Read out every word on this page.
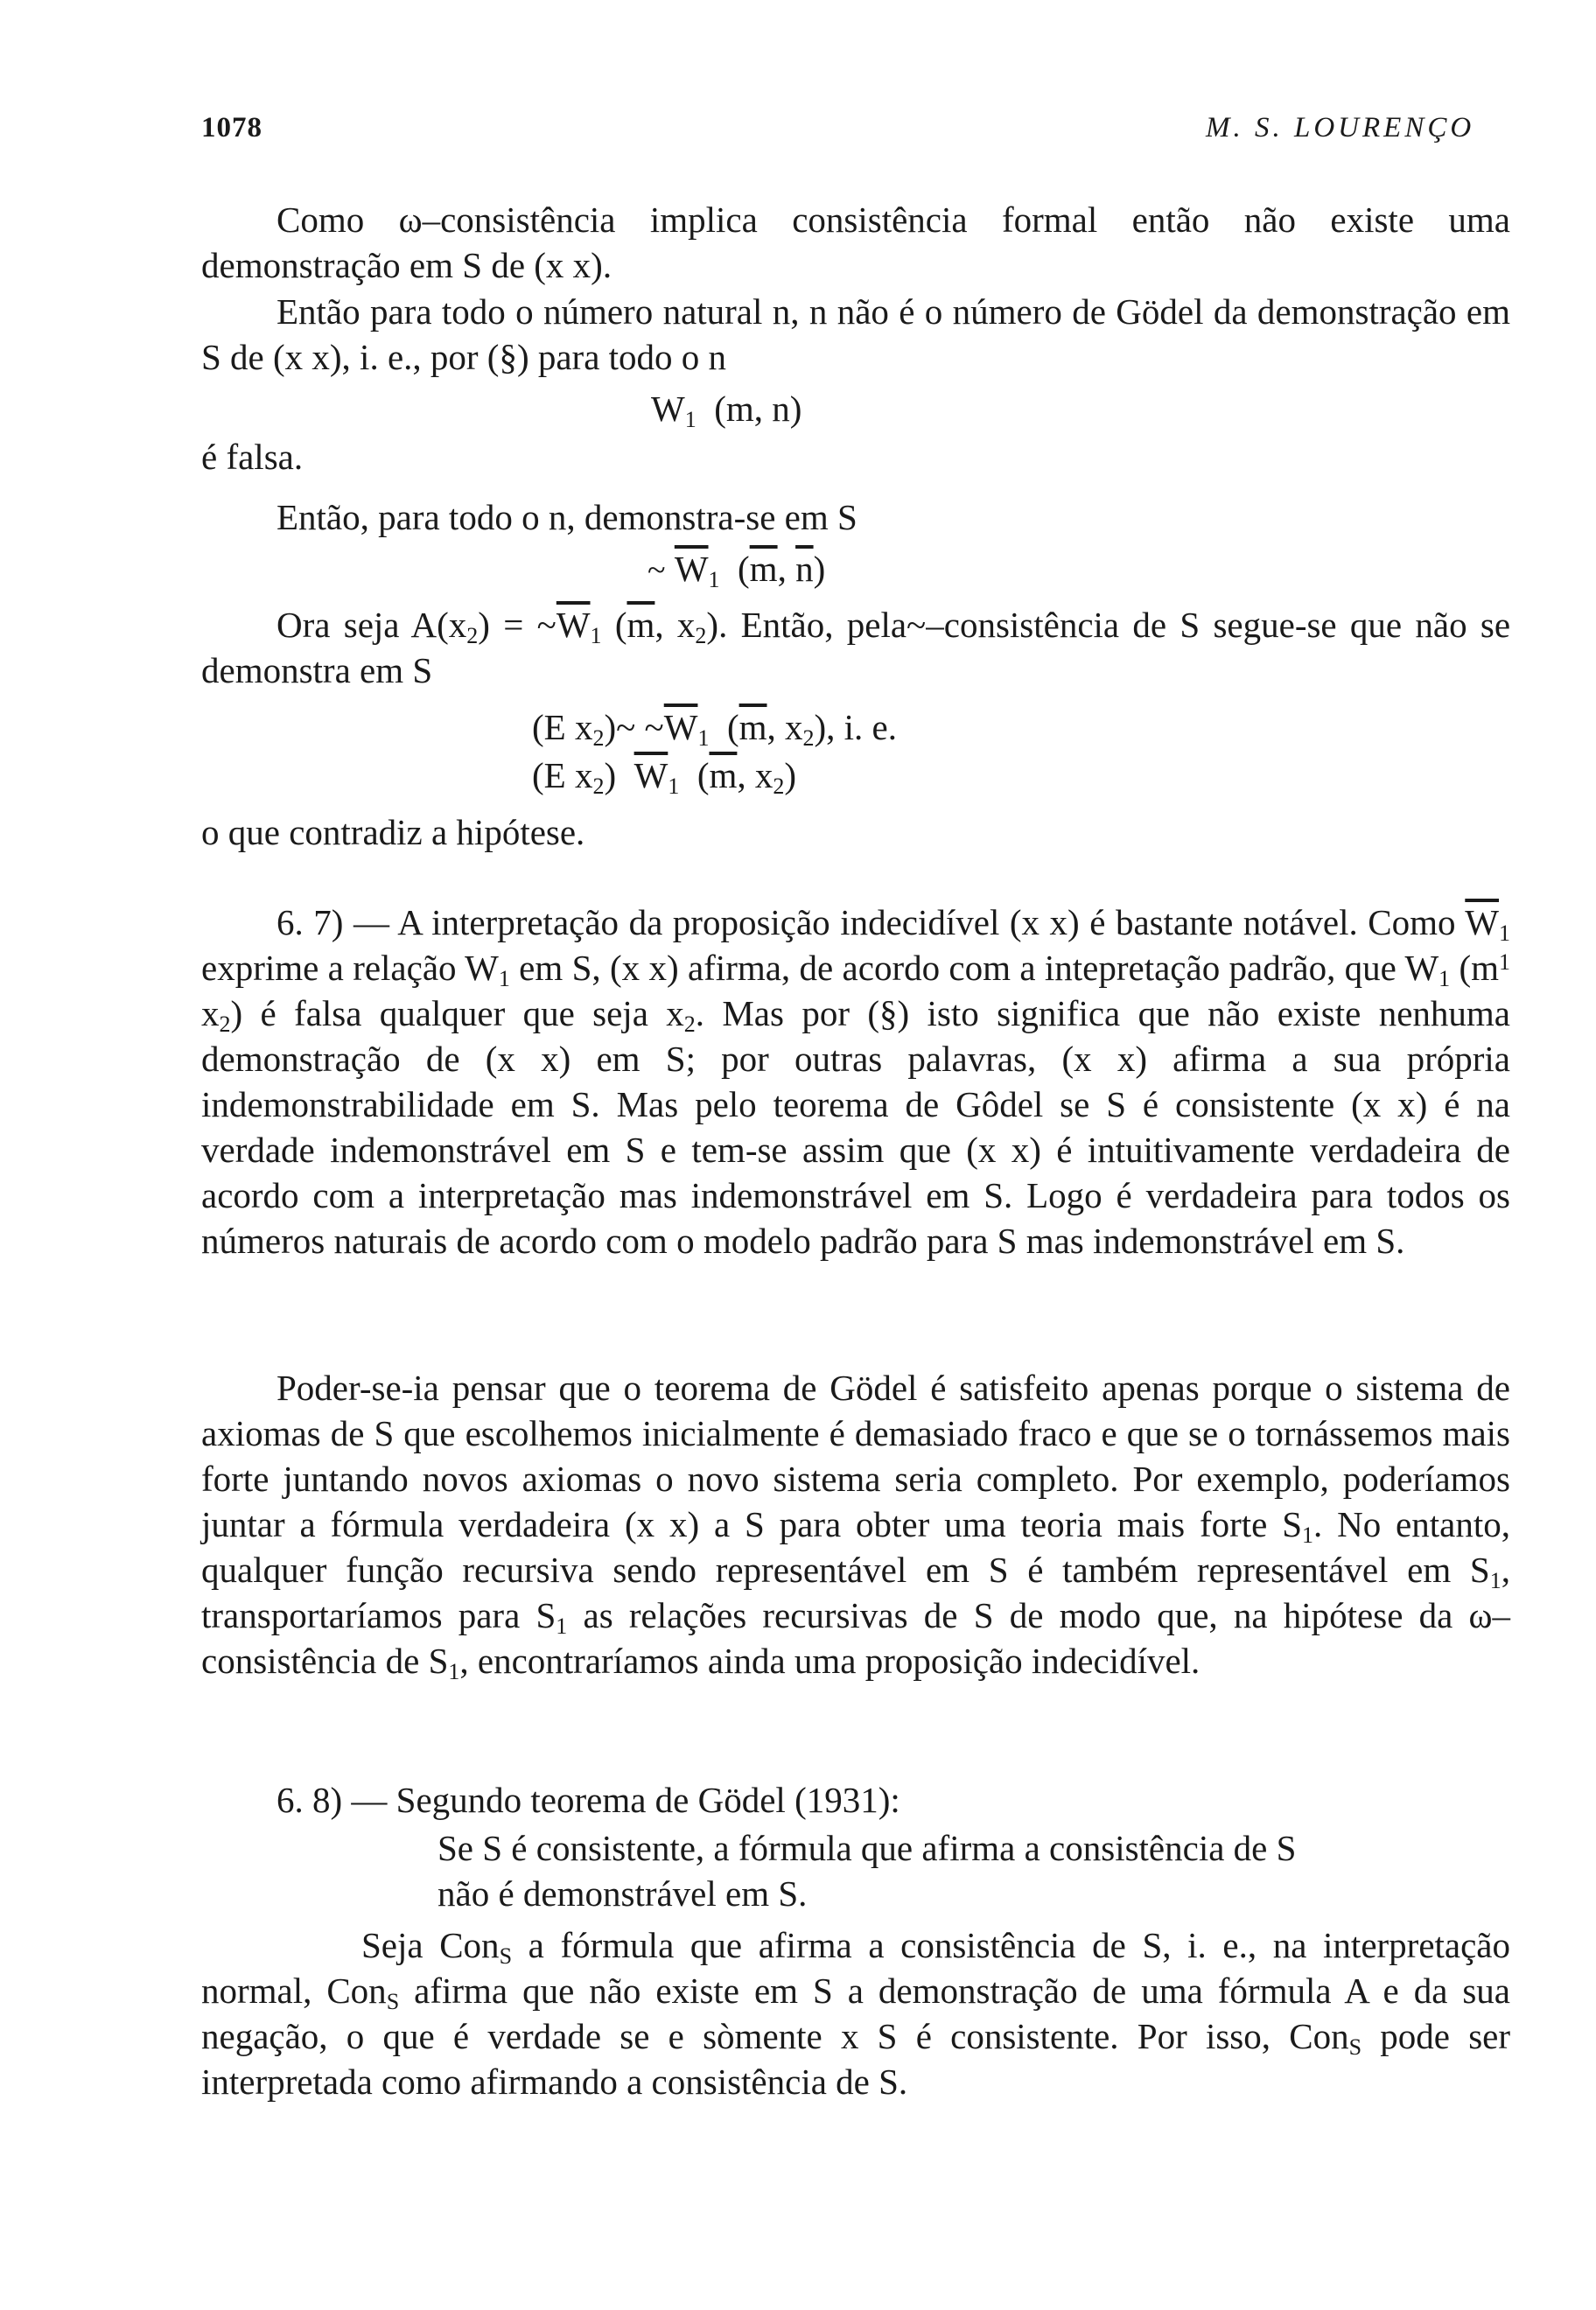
1078	M. S. LOURENÇO

Como ω–consistência implica consistência formal então não existe uma demonstração em S de (x x).

Então para todo o número natural n, n não é o número de Gödel da demonstração em S de (x x), i. e., por (§) para todo o n

$W_1$ (m, n)

é falsa.

Então, para todo o n, demonstra-se em S

~ $\overline{W}_1$ ($\overline{m}$, $\overline{n}$)

Ora seja $A(x_2)$ = $\sim\overline{W}_1$ ($\overline{m}$, $x_2$). Então, pela~–consistência de S segue-se que não se demonstra em S

(E $x_2)\sim$ $\sim\overline{W}_1$ ($\overline{m}$, $x_2$), i. e.

(E $x_2$) $\overline{W}_1$ ($\overline{m}$, $x_2$)

o que contradiz a hipótese.

6. 7) — A interpretação da proposição indecidível (x x) é bastante notável. Como $\overline{W}_1$ exprime a relação $W_1$ em S, (x x) afirma, de acordo com a intepretação padrão, que $W_1$ ($m^1$ $x_2$) é falsa qualquer que seja $x_2$. Mas por (§) isto significa que não existe nenhuma demonstração de (x x) em S; por outras palavras, (x x) afirma a sua própria indemonstrabilidade em S. Mas pelo teorema de Gôdel se S é consistente (x x) é na verdade indemonstrável em S e tem-se assim que (x x) é intuitivamente verdadeira de acordo com a interpretação mas indemonstrável em S. Logo é verdadeira para todos os números naturais de acordo com o modelo padrão para S mas indemonstrável em S.

Poder-se-ia pensar que o teorema de Gödel é satisfeito apenas porque o sistema de axiomas de S que escolhemos inicialmente é demasiado fraco e que se o tornássemos mais forte juntando novos axiomas o novo sistema seria completo. Por exemplo, poderíamos juntar a fórmula verdadeira (x x) a S para obter uma teoria mais forte $S_1$. No entanto, qualquer função recursiva sendo representável em S é também representável em $S_1$, transportaríamos para $S_1$ as relações recursivas de S de modo que, na hipótese da ω–consistência de $S_1$, encontraríamos ainda uma proposição indecidível.

6. 8) — Segundo teorema de Gödel (1931):

Se S é consistente, a fórmula que afirma a consistência de S

não é demonstrável em S.

Seja Con$_S$ a fórmula que afirma a consistência de S, i. e., na interpretação normal, Con$_S$ afirma que não existe em S a demonstração de uma fórmula A e da sua negação, o que é verdade se e sòmente x S é consistente. Por isso, Con$_S$ pode ser interpretada como afirmando a consistência de S.
